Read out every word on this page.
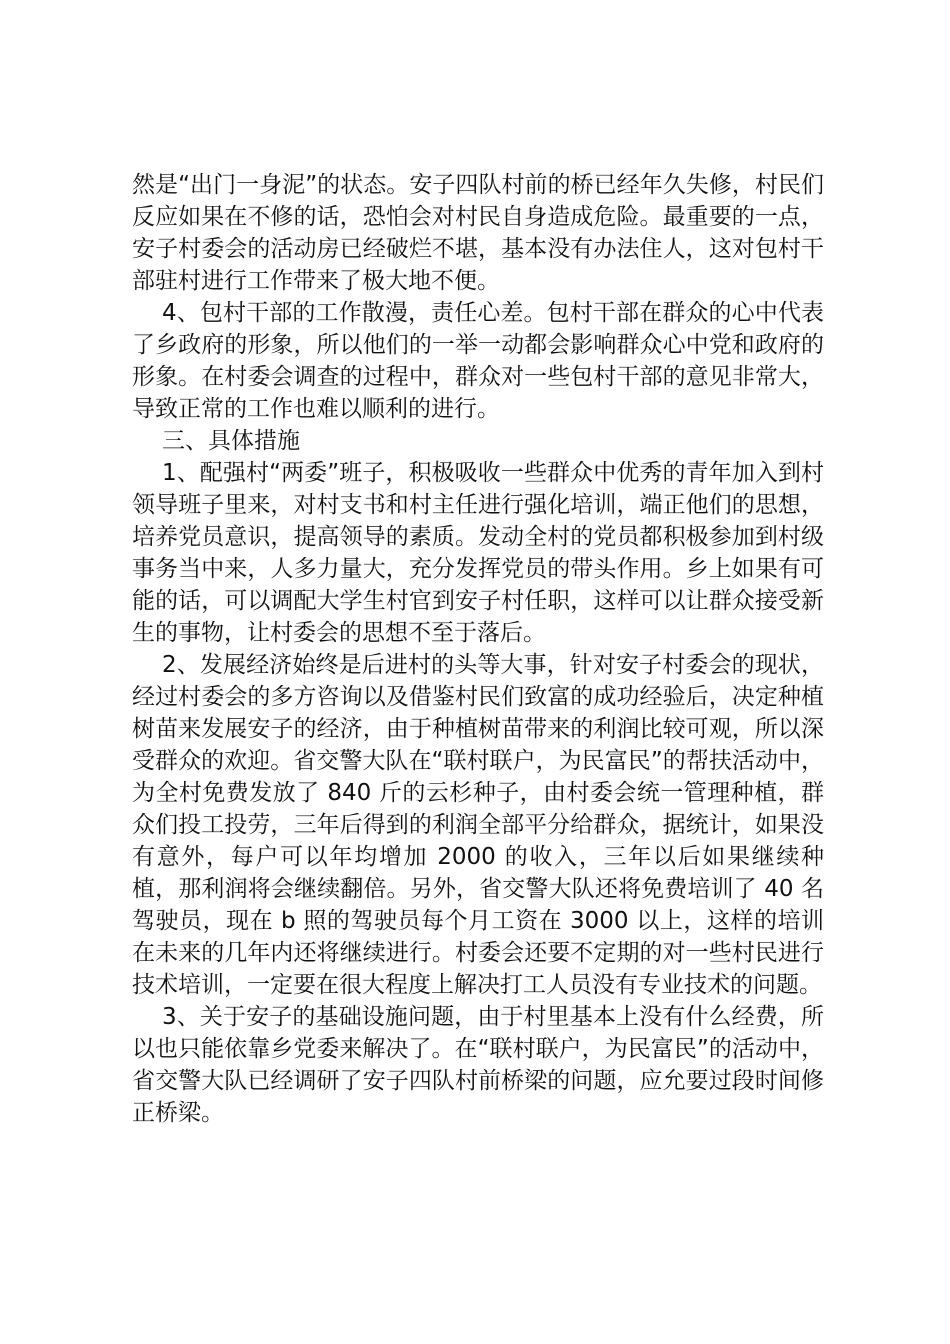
然是“出门一身泥”的状态。安子四队村前的桥已经年久失修，村民们反应如果在不修的话，恐怕会对村民自身造成危险。最重要的一点，安子村委会的活动房已经破烂不堪，基本没有办法住人，这对包村干部驻村进行工作带来了极大地不便。

4、包村干部的工作散漫，责任心差。包村干部在群众的心中代表了乡政府的形象，所以他们的一举一动都会影响群众心中党和政府的形象。在村委会调查的过程中，群众对一些包村干部的意见非常大，导致正常的工作也难以顺利的进行。

三、具体措施

1、配强村“两委”班子，积极吸收一些群众中优秀的青年加入到村领导班子里来，对村支书和村主任进行强化培训，端正他们的思想，培养党员意识，提高领导的素质。发动全村的党员都积极参加到村级事务当中来，人多力量大，充分发挥党员的带头作用。乡上如果有可能的话，可以调配大学生村官到安子村任职，这样可以让群众接受新生的事物，让村委会的思想不至于落后。

2、发展经济始终是后进村的头等大事，针对安子村委会的现状，经过村委会的多方咨询以及借鉴村民们致富的成功经验后，决定种植树苗来发展安子的经济，由于种植树苗带来的利润比较可观，所以深受群众的欢迎。省交警大队在“联村联户，为民富民”的帮扶活动中，为全村免费发放了 840 斤的云杉种子，由村委会统一管理种植，群众们投工投劳，三年后得到的利润全部平分给群众，据统计，如果没有意外，每户可以年均增加 2000 的收入，三年以后如果继续种植，那利润将会继续翻倍。另外，省交警大队还将免费培训了 40 名驾驶员，现在 b 照的驾驶员每个月工资在 3000 以上，这样的培训在未来的几年内还将继续进行。村委会还要不定期的对一些村民进行技术培训，一定要在很大程度上解决打工人员没有专业技术的问题。

3、关于安子的基础设施问题，由于村里基本上没有什么经费，所以也只能依靠乡党委来解决了。在“联村联户，为民富民”的活动中，省交警大队已经调研了安子四队村前桥梁的问题，应允要过段时间修正桥梁。
